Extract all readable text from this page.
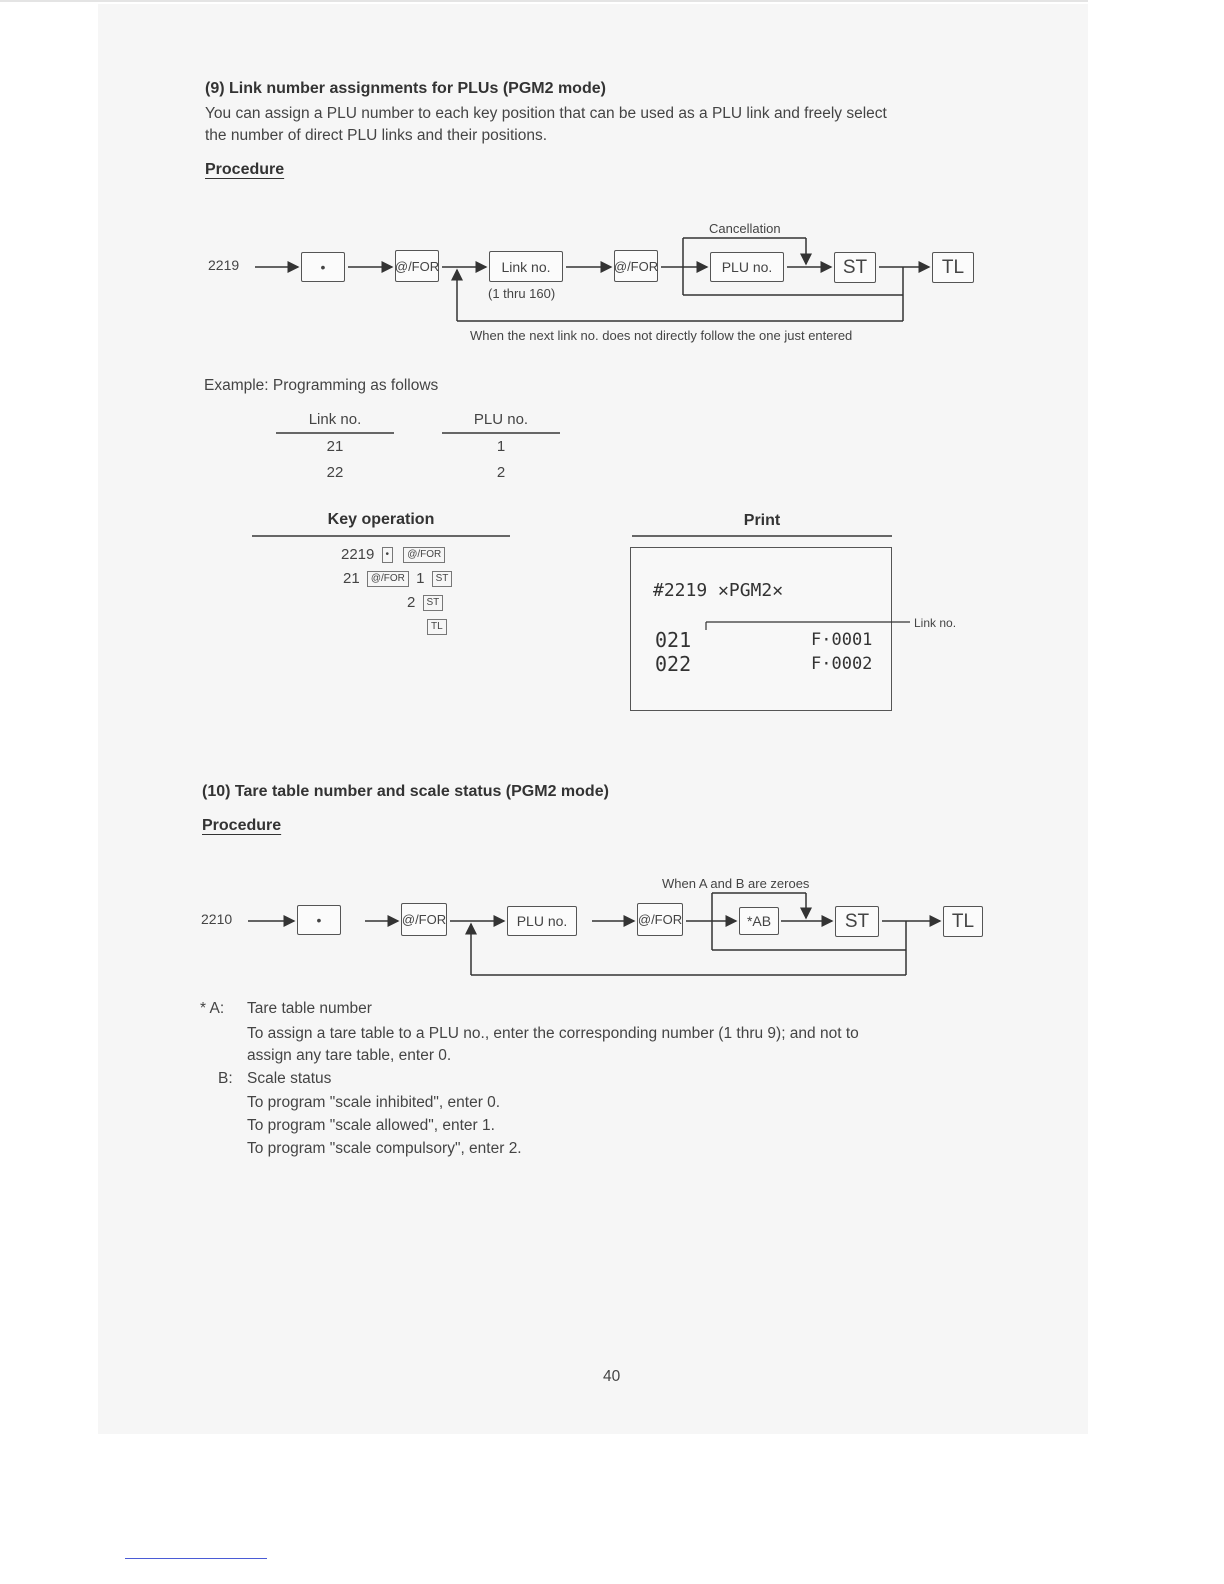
(9) Link number assignments for PLUs (PGM2 mode)
You can assign a PLU number to each key position that can be used as a PLU link and freely select
the number of direct PLU links and their positions.
Procedure
2219	•	@/FOR	Link no.
(1 thru 160)
@/FOR	PLU no.	ST	TL
Cancellation
When the next link no. does not directly follow the one just entered
Example: Programming as follows
Link no.	PLU no.
21	1
22	2
Key operation
2219 • @/FOR
21 @/FOR 1 ST
2 ST
TL
Print
#2219 ✕PGM2✕
021	F·0001
022	F·0002
Link no.
(10) Tare table number and scale status (PGM2 mode)
Procedure
2210	•	@/FOR	PLU no.	@/FOR	*AB	ST	TL
When A and B are zeroes
* A: Tare table number
To assign a tare table to a PLU no., enter the corresponding number (1 thru 9); and not to
assign any tare table, enter 0.
B: Scale status
To program "scale inhibited", enter 0.
To program "scale allowed", enter 1.
To program "scale compulsory", enter 2.
40
